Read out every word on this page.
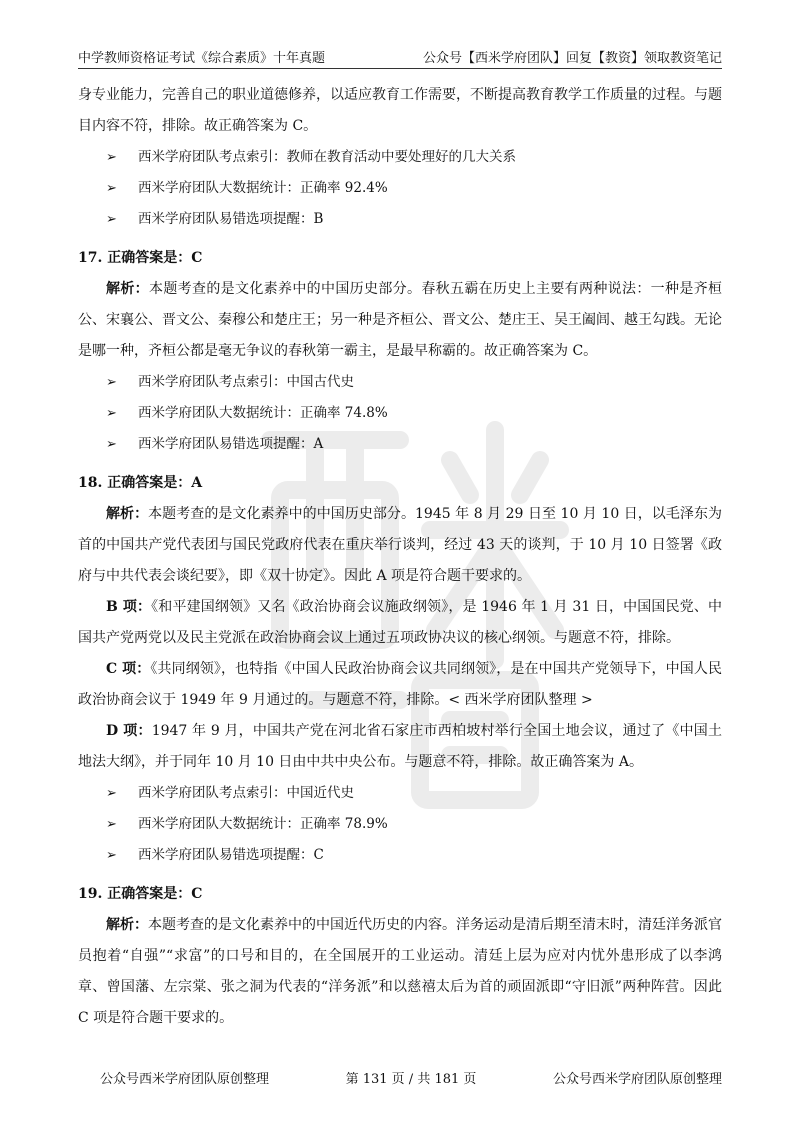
中学教师资格证考试《综合素质》十年真题	公众号【西米学府团队】回复【教资】领取教资笔记

身专业能力，完善自己的职业道德修养，以适应教育工作需要，不断提高教育教学工作质量的过程。与题目内容不符，排除。故正确答案为 C。

➢	西米学府团队考点索引：教师在教育活动中要处理好的几大关系
➢	西米学府团队大数据统计：正确率 92.4%
➢	西米学府团队易错选项提醒：B
17. 正确答案是：C

解析：本题考查的是文化素养中的中国历史部分。春秋五霸在历史上主要有两种说法：一种是齐桓公、宋襄公、晋文公、秦穆公和楚庄王；另一种是齐桓公、晋文公、楚庄王、吴王阖闾、越王勾践。无论是哪一种，齐桓公都是毫无争议的春秋第一霸主，是最早称霸的。故正确答案为 C。

➢	西米学府团队考点索引：中国古代史
➢	西米学府团队大数据统计：正确率 74.8%
➢	西米学府团队易错选项提醒：A
18. 正确答案是：A

解析：本题考查的是文化素养中的中国历史部分。1945 年 8 月 29 日至 10 月 10 日，以毛泽东为首的中国共产党代表团与国民党政府代表在重庆举行谈判，经过 43 天的谈判，于 10 月 10 日签署《政府与中共代表会谈纪要》，即《双十协定》。因此 A 项是符合题干要求的。

B 项：《和平建国纲领》又名《政治协商会议施政纲领》，是 1946 年 1 月 31 日，中国国民党、中国共产党两党以及民主党派在政治协商会议上通过五项政协决议的核心纲领。与题意不符，排除。

C 项：《共同纲领》，也特指《中国人民政治协商会议共同纲领》，是在中国共产党领导下，中国人民政治协商会议于 1949 年 9 月通过的。与题意不符，排除。< 西米学府团队整理 >

D 项：1947 年 9 月，中国共产党在河北省石家庄市西柏坡村举行全国土地会议，通过了《中国土地法大纲》，并于同年 10 月 10 日由中共中央公布。与题意不符，排除。故正确答案为 A。

➢	西米学府团队考点索引：中国近代史
➢	西米学府团队大数据统计：正确率 78.9%
➢	西米学府团队易错选项提醒：C
19. 正确答案是：C

解析：本题考查的是文化素养中的中国近代历史的内容。洋务运动是清后期至清末时，清廷洋务派官员抱着“自强”“求富”的口号和目的，在全国展开的工业运动。清廷上层为应对内忧外患形成了以李鸿章、曾国藩、左宗棠、张之洞为代表的“洋务派”和以慈禧太后为首的顽固派即“守旧派”两种阵营。因此 C 项是符合题干要求的。

公众号西米学府团队原创整理	第 131 页 / 共 181 页	公众号西米学府团队原创整理
